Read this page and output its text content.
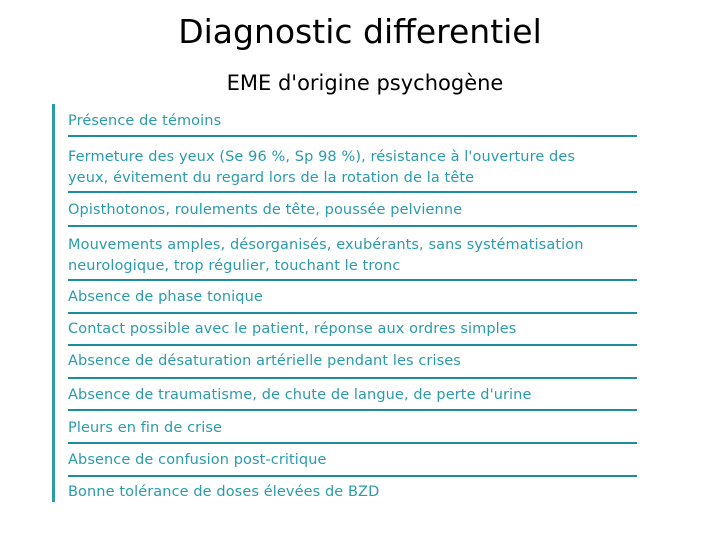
Diagnostic differentiel
EME d'origine psychogène
Présence de témoins
Fermeture des yeux (Se 96 %, Sp 98 %), résistance à l'ouverture des
yeux, évitement du regard lors de la rotation de la tête
Opisthotonos, roulements de tête, poussée pelvienne
Mouvements amples, désorganisés, exubérants, sans systématisation
neurologique, trop régulier, touchant le tronc
Absence de phase tonique
Contact possible avec le patient, réponse aux ordres simples
Absence de désaturation artérielle pendant les crises
Absence de traumatisme, de chute de langue, de perte d'urine
Pleurs en fin de crise
Absence de confusion post-critique
Bonne tolérance de doses élevées de BZD
